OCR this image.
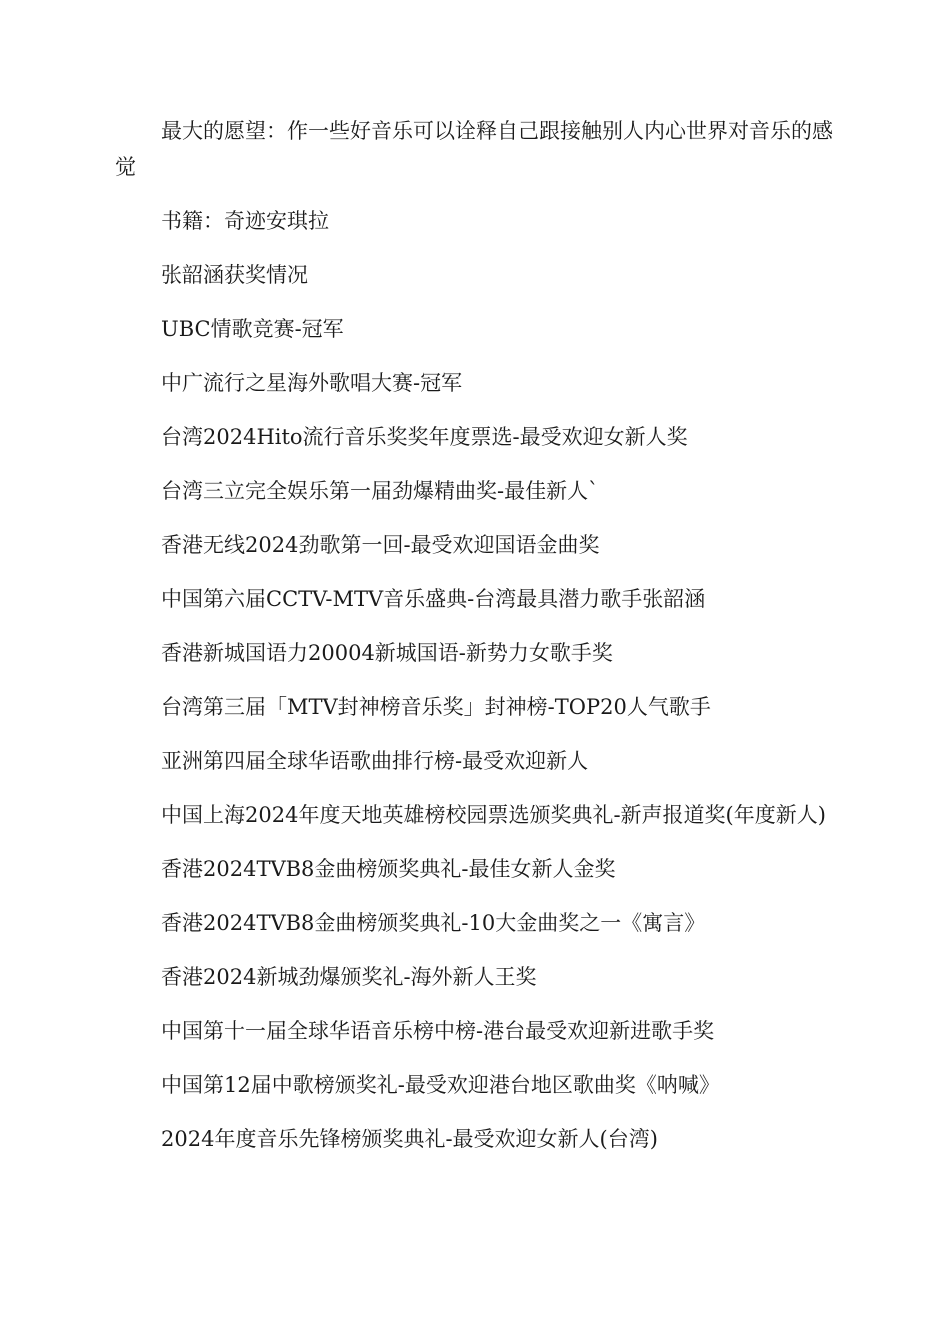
最大的愿望：作一些好音乐可以诠释自己跟接触别人内心世界对音乐的感觉

书籍：奇迹安琪拉

张韶涵获奖情况

UBC情歌竞赛-冠军

中广流行之星海外歌唱大赛-冠军

台湾2024Hito流行音乐奖奖年度票选-最受欢迎女新人奖

台湾三立完全娱乐第一届劲爆精曲奖-最佳新人`

香港无线2024劲歌第一回-最受欢迎国语金曲奖

中国第六届CCTV-MTV音乐盛典-台湾最具潜力歌手张韶涵

香港新城国语力20004新城国语-新势力女歌手奖

台湾第三届「MTV封神榜音乐奖」封神榜-TOP20人气歌手

亚洲第四届全球华语歌曲排行榜-最受欢迎新人

中国上海2024年度天地英雄榜校园票选颁奖典礼-新声报道奖(年度新人)

香港2024TVB8金曲榜颁奖典礼-最佳女新人金奖

香港2024TVB8金曲榜颁奖典礼-10大金曲奖之一《寓言》

香港2024新城劲爆颁奖礼-海外新人王奖

中国第十一届全球华语音乐榜中榜-港台最受欢迎新进歌手奖

中国第12届中歌榜颁奖礼-最受欢迎港台地区歌曲奖《呐喊》

2024年度音乐先锋榜颁奖典礼-最受欢迎女新人(台湾)
